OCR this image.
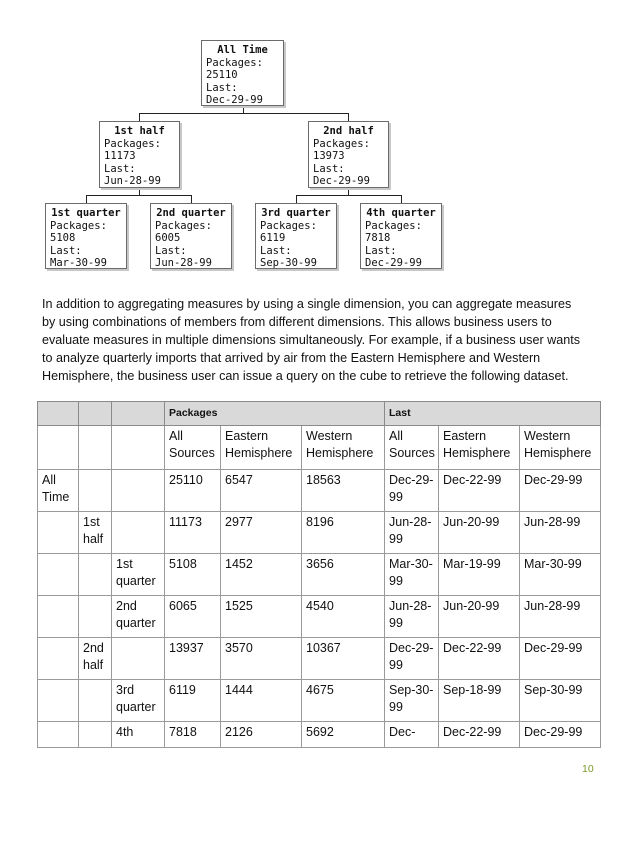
All Time
Packages:
25110
Last:
Dec-29-99
1st half
Packages:
11173
Last:
Jun-28-99
2nd half
Packages:
13973
Last:
Dec-29-99
1st quarter
Packages:
5108
Last:
Mar-30-99
2nd quarter
Packages:
6005
Last:
Jun-28-99
3rd quarter
Packages:
6119
Last:
Sep-30-99
4th quarter
Packages:
7818
Last:
Dec-29-99
In addition to aggregating measures by using a single dimension, you can aggregate measures
by using combinations of members from different dimensions. This allows business users to
evaluate measures in multiple dimensions simultaneously. For example, if a business user wants
to analyze quarterly imports that arrived by air from the Eastern Hemisphere and Western
Hemisphere, the business user can issue a query on the cube to retrieve the following dataset.
			Packages			Last		
			All Sources	Eastern Hemisphere	Western Hemisphere	All Sources	Eastern Hemisphere	Western Hemisphere
All Time			25110	6547	18563	Dec-29-99	Dec-22-99	Dec-29-99
	1st half		11173	2977	8196	Jun-28-99	Jun-20-99	Jun-28-99
		1st quarter	5108	1452	3656	Mar-30-99	Mar-19-99	Mar-30-99
		2nd quarter	6065	1525	4540	Jun-28-99	Jun-20-99	Jun-28-99
	2nd half		13937	3570	10367	Dec-29-99	Dec-22-99	Dec-29-99
		3rd quarter	6119	1444	4675	Sep-30-99	Sep-18-99	Sep-30-99
		4th	7818	2126	5692	Dec-	Dec-22-99	Dec-29-99
10
